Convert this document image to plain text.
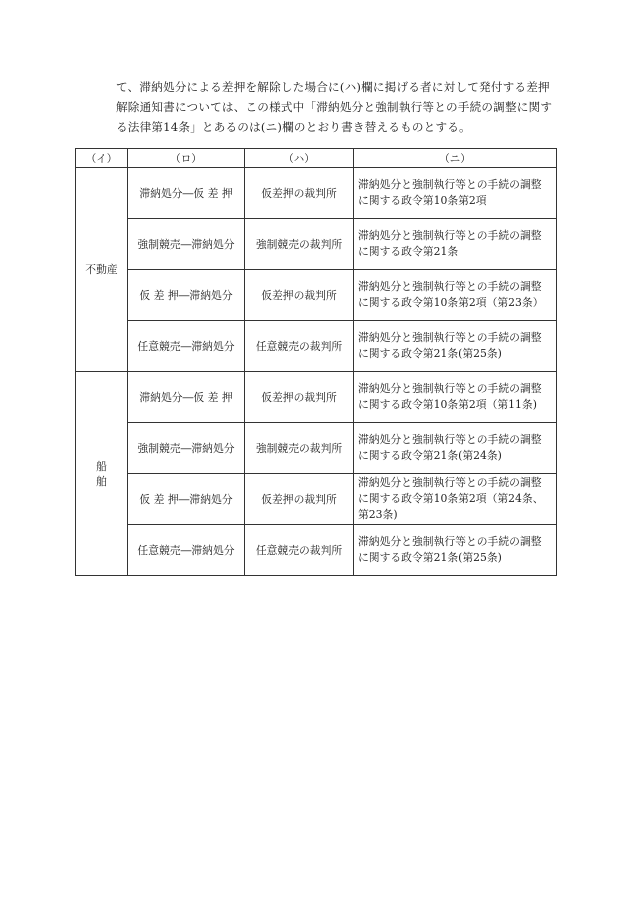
て、滞納処分による差押を解除した場合に(ハ)欄に掲げる者に対して発付する差押

解除通知書については、この様式中「滞納処分と強制執行等との手続の調整に関す

る法律第14条」とあるのは(ニ)欄のとおり書き替えるものとする。

（イ）	（ロ）	（ハ）	（ニ）
不動産	滞納処分―仮 差 押	仮差押の裁判所	滞納処分と強制執行等との手続の調整に関する政令第10条第2項
	強制競売―滞納処分	強制競売の裁判所	滞納処分と強制執行等との手続の調整に関する政令第21条
	仮 差 押―滞納処分	仮差押の裁判所	滞納処分と強制執行等との手続の調整に関する政令第10条第2項（第23条）
	任意競売―滞納処分	任意競売の裁判所	滞納処分と強制執行等との手続の調整に関する政令第21条(第25条)
船　　舶	滞納処分―仮 差 押	仮差押の裁判所	滞納処分と強制執行等との手続の調整に関する政令第10条第2項（第11条)
	強制競売―滞納処分	強制競売の裁判所	滞納処分と強制執行等との手続の調整に関する政令第21条(第24条)
	仮 差 押―滞納処分	仮差押の裁判所	滞納処分と強制執行等との手続の調整に関する政令第10条第2項（第24条、第23条)
	任意競売―滞納処分	任意競売の裁判所	滞納処分と強制執行等との手続の調整に関する政令第21条(第25条)
